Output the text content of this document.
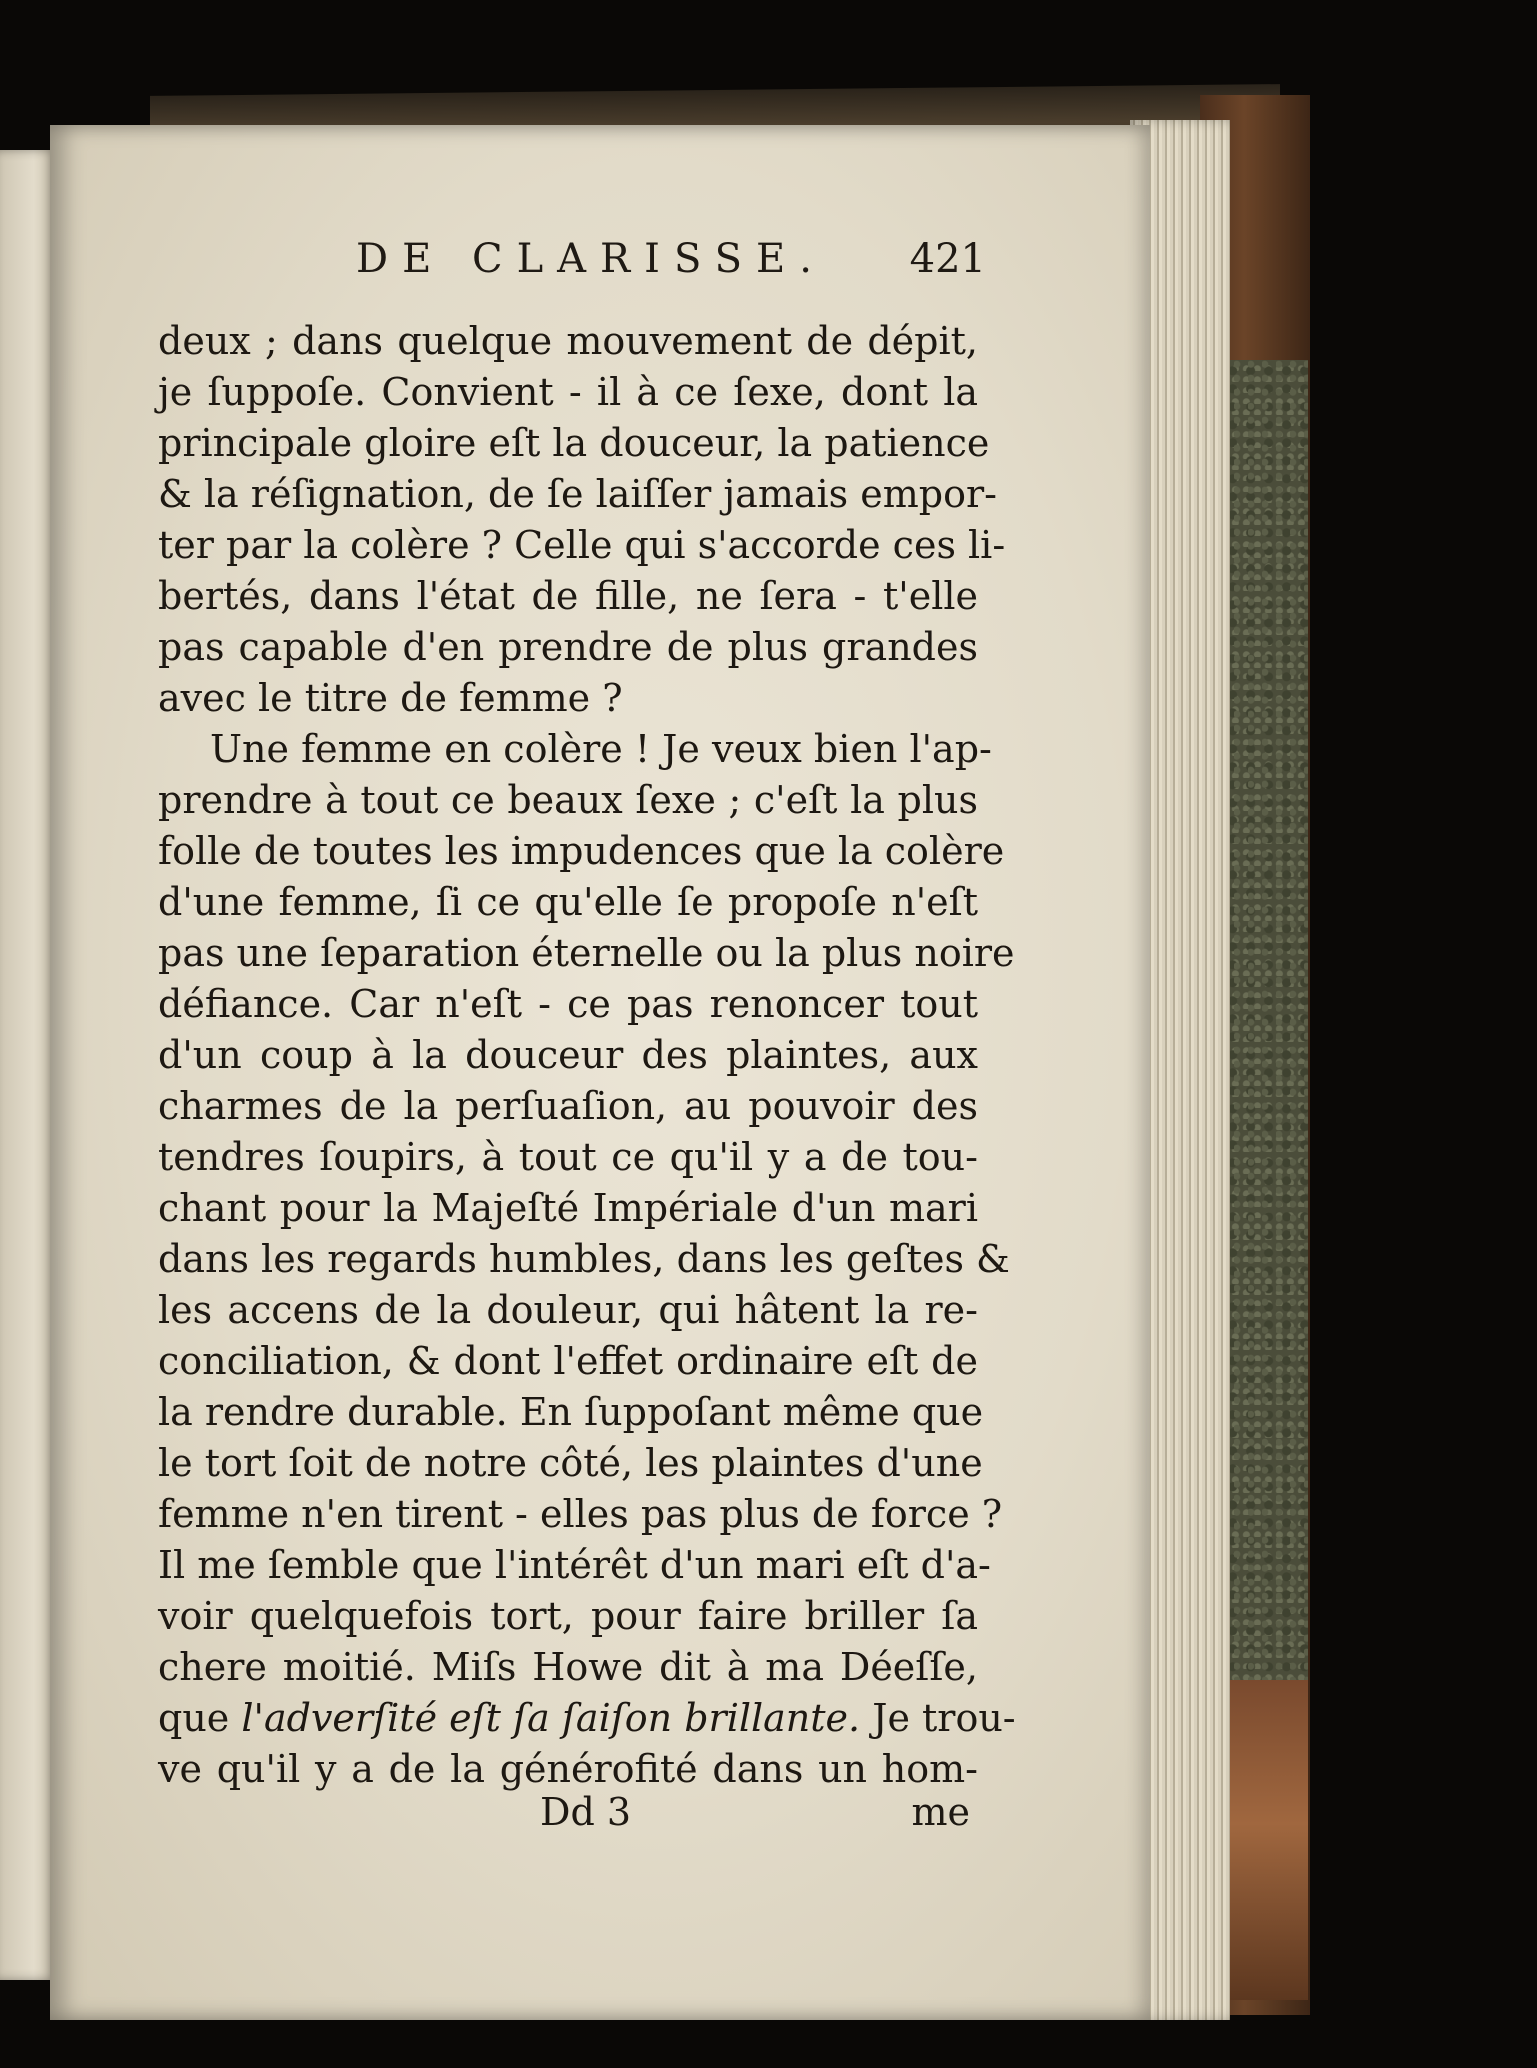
DE CLARISSE. 421
deux ; dans quelque mouvement de dépit,
je ſuppoſe. Convient - il à ce ſexe, dont la
principale gloire eſt la douceur, la patience
& la réſignation, de ſe laiſſer jamais empor-
ter par la colère ? Celle qui s'accorde ces li-
bertés, dans l'état de fille, ne ſera - t'elle
pas capable d'en prendre de plus grandes
avec le titre de femme ?
Une femme en colère ! Je veux bien l'ap-
prendre à tout ce beaux ſexe ; c'eſt la plus
folle de toutes les impudences que la colère
d'une femme, ſi ce qu'elle ſe propoſe n'eſt
pas une ſeparation éternelle ou la plus noire
défiance. Car n'eſt - ce pas renoncer tout
d'un coup à la douceur des plaintes, aux
charmes de la perſuaſion, au pouvoir des
tendres ſoupirs, à tout ce qu'il y a de tou-
chant pour la Majeſté Impériale d'un mari
dans les regards humbles, dans les geſtes &
les accens de la douleur, qui hâtent la re-
conciliation, & dont l'effet ordinaire eſt de
la rendre durable. En ſuppoſant même que
le tort ſoit de notre côté, les plaintes d'une
femme n'en tirent - elles pas plus de force ?
Il me ſemble que l'intérêt d'un mari eſt d'a-
voir quelquefois tort, pour faire briller ſa
chere moitié. Miſs Howe dit à ma Déeſſe,
que l'adverſité eſt ſa ſaiſon brillante. Je trou-
ve qu'il y a de la générofité dans un hom-
Dd 3	me
